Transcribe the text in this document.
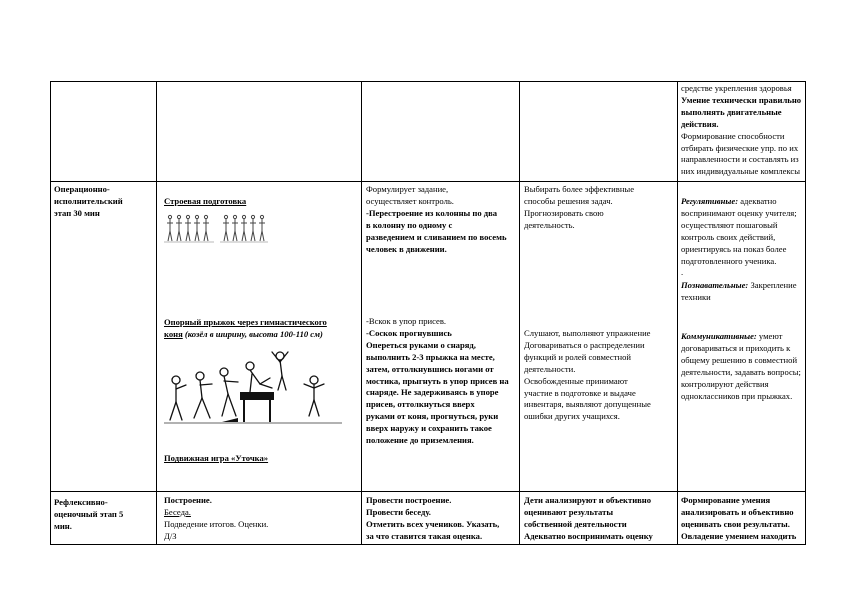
средстве укрепления здоровья

Умение технически правильно

выполнять двигательные

действия.

Формирование способности

отбирать физические упр. по их

направленности и составлять из

них индивидуальные комплексы

Операционно-

исполнительский

этап 30 мин

Строевая подготовка

Опорный прыжок через гимнастического

коня (козёл в ширину, высота 100-110 см)

Подвижная игра «Уточка»

Формулирует задание,

осуществляет контроль.

-Перестроение из колонны по два

в колонну по одному с

разведением и сливанием по восемь

человек в движении.

-Вскок в упор присев.

-Соскок прогнувшись

Опереться руками о снаряд,

выполнить 2-3 прыжка на месте,

затем, оттолкнувшись ногами от

мостика, прыгнуть в упор присев на

снаряде. Не задерживаясь в упоре

присев, оттолкнуться вверх

руками от коня, прогнуться, руки

вверх наружу и сохранить такое

положение до приземления.

Выбирать более эффективные

способы решения задач.

Прогнозировать свою

деятельность.

Слушают, выполняют упражнение

Договариваться о распределении

функций и ролей совместной

деятельности.

Освобожденные принимают

участие в подготовке и выдаче

инвентаря, выявляют допущенные

ошибки других учащихся.

Регулятивные: адекватно

воспринимают оценку учителя;

осуществляют пошаговый

контроль своих действий,

ориентируясь на показ более

подготовленного ученика.

.

Познавательные: Закрепление

техники

Коммуникативные: умеют

договариваться и приходить к

общему решению в совместной

деятельности, задавать вопросы;

контролируют действия

одноклассников при прыжках.

Рефлексивно-

оценочный этап 5

мин.

Построение.

Беседа.

Подведение итогов. Оценки.

Д/З

Провести построение.

Провести беседу.

Отметить всех учеников. Указать,

за что ставится такая оценка.

Дети анализируют и объективно

оценивают результаты

собственной деятельности

Адекватно воспринимать оценку

Формирование умения

анализировать и объективно

оценивать свои результаты.

Овладение умением находить
